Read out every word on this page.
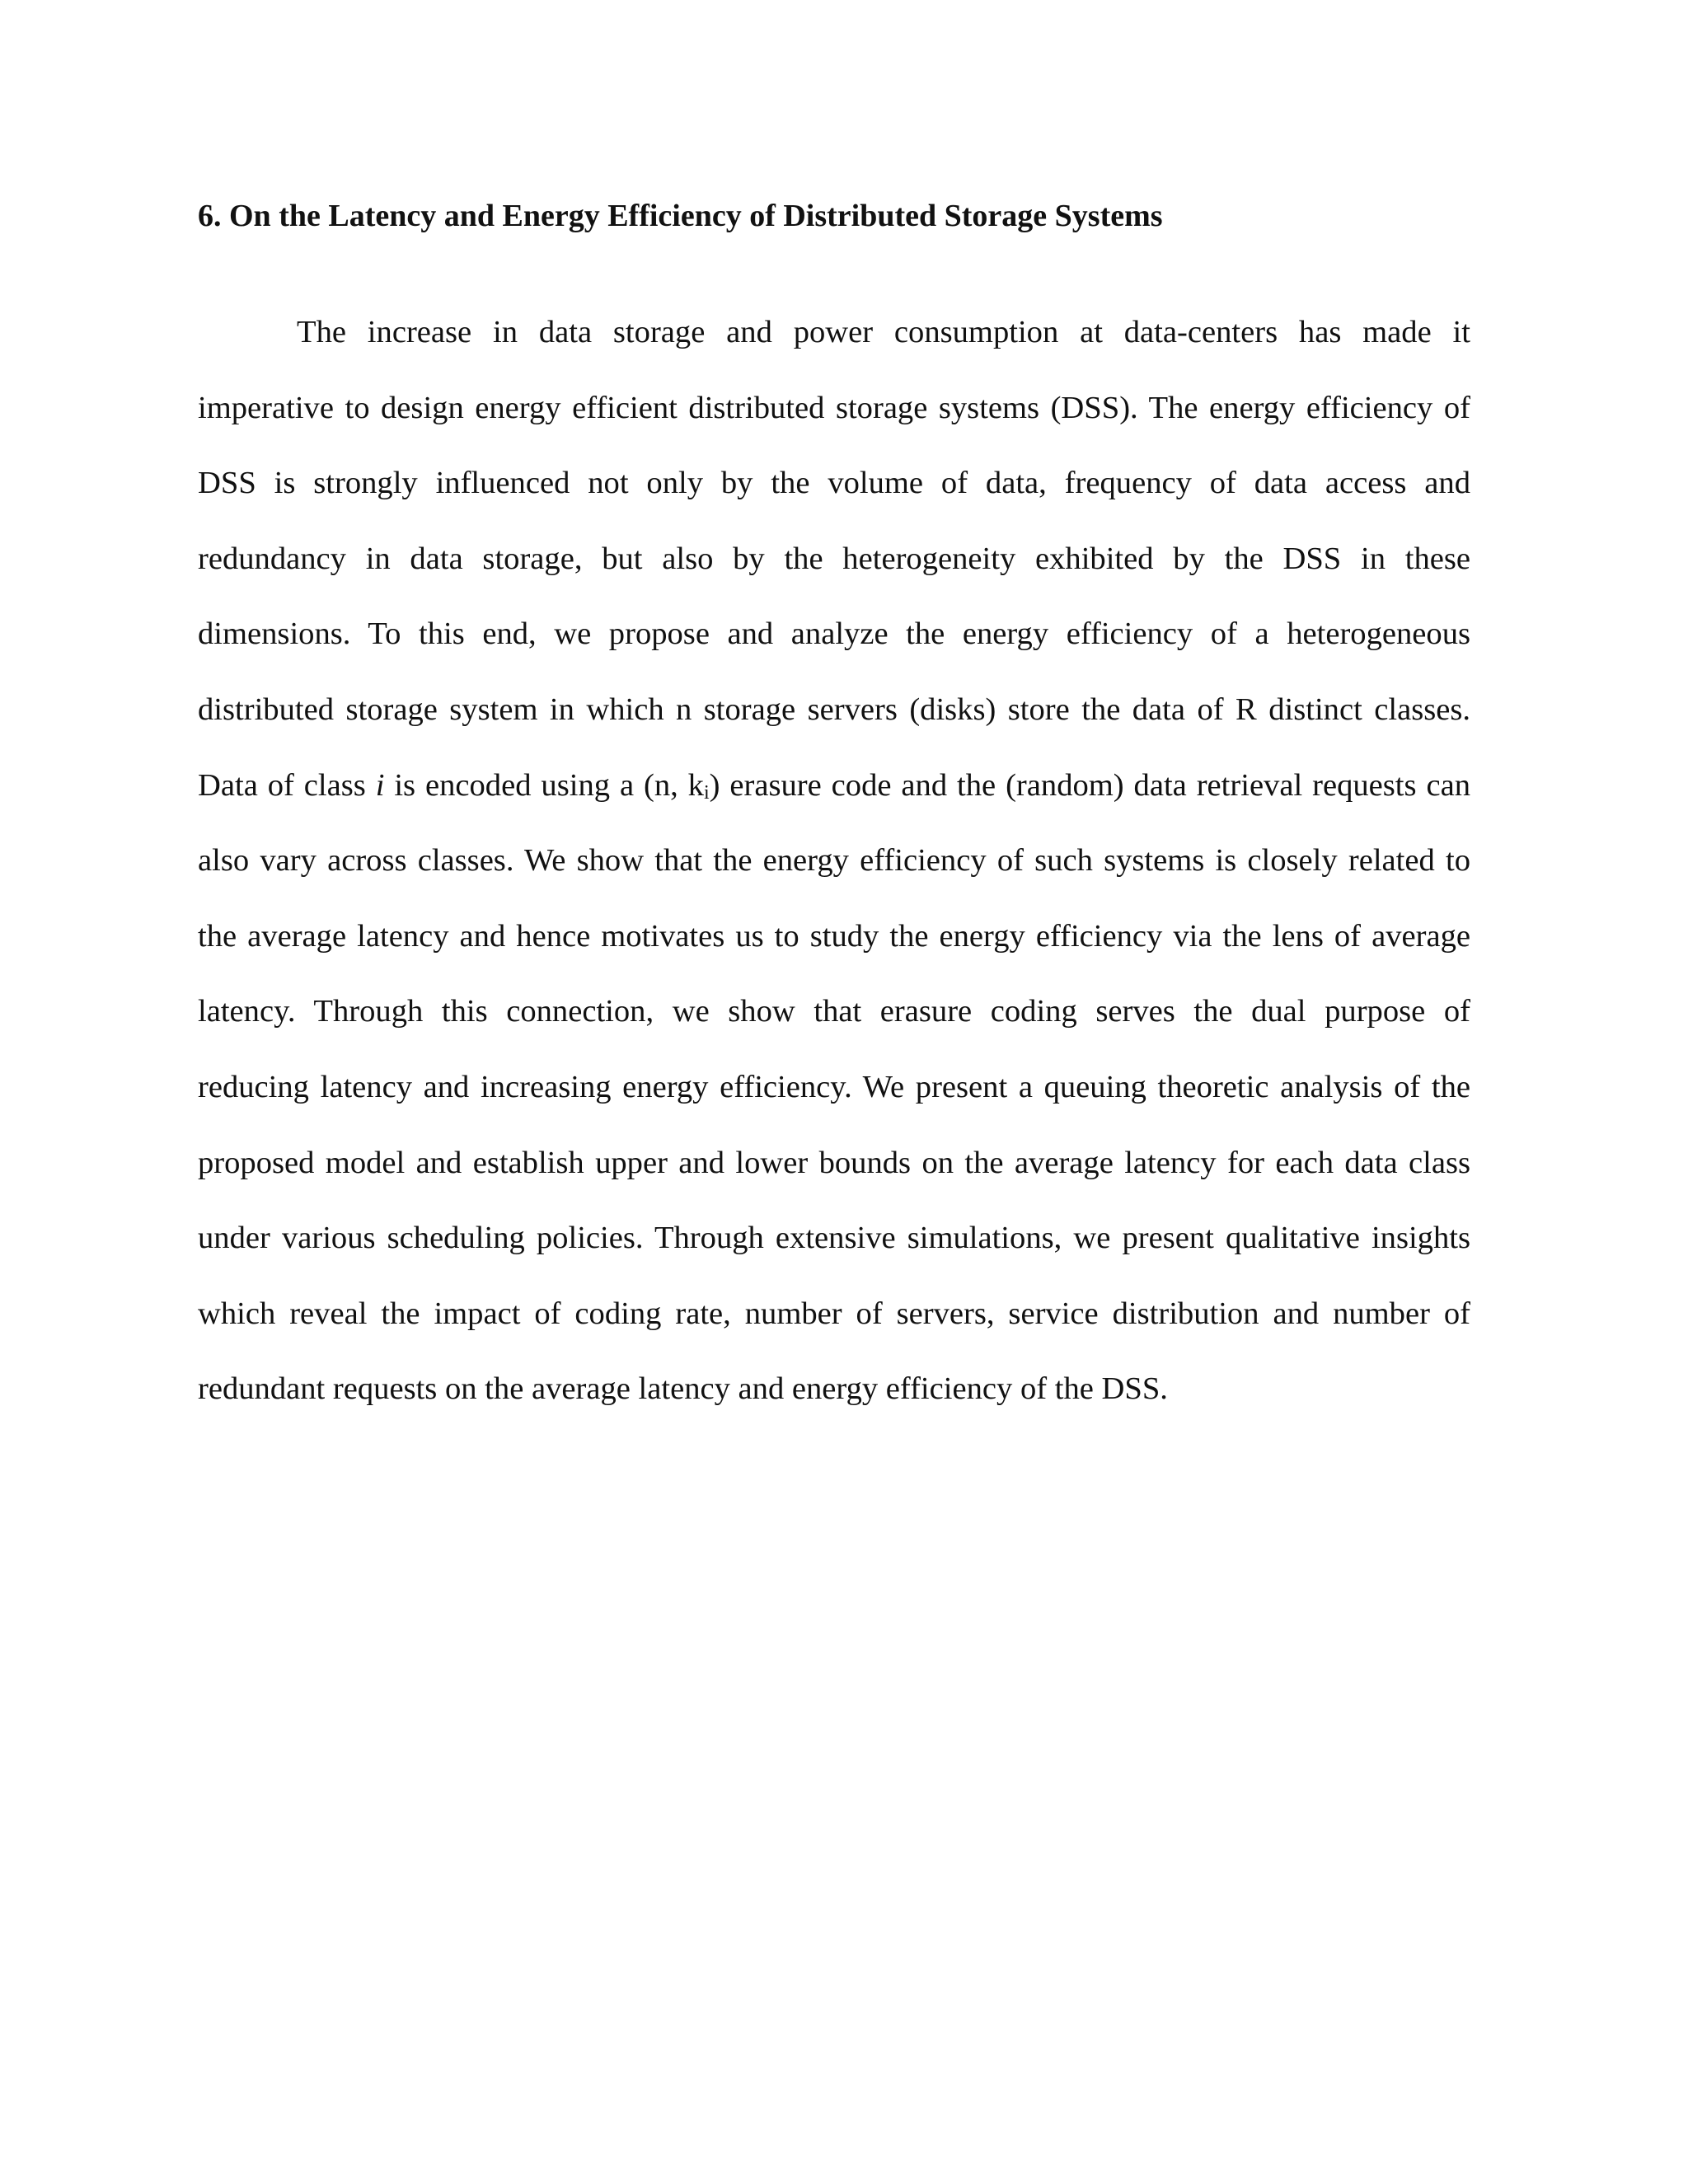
6. On the Latency and Energy Efficiency of Distributed Storage Systems
The increase in data storage and power consumption at data-centers has made it
imperative to design energy efficient distributed storage systems (DSS). The energy efficiency of
DSS is strongly influenced not only by the volume of data, frequency of data access and
redundancy in data storage, but also by the heterogeneity exhibited by the DSS in these
dimensions. To this end, we propose and analyze the energy efficiency of a heterogeneous
distributed storage system in which n storage servers (disks) store the data of R distinct classes.
Data of class i is encoded using a (n, ki) erasure code and the (random) data retrieval requests can
also vary across classes. We show that the energy efficiency of such systems is closely related to
the average latency and hence motivates us to study the energy efficiency via the lens of average
latency. Through this connection, we show that erasure coding serves the dual purpose of
reducing latency and increasing energy efficiency. We present a queuing theoretic analysis of the
proposed model and establish upper and lower bounds on the average latency for each data class
under various scheduling policies. Through extensive simulations, we present qualitative insights
which reveal the impact of coding rate, number of servers, service distribution and number of
redundant requests on the average latency and energy efficiency of the DSS.
